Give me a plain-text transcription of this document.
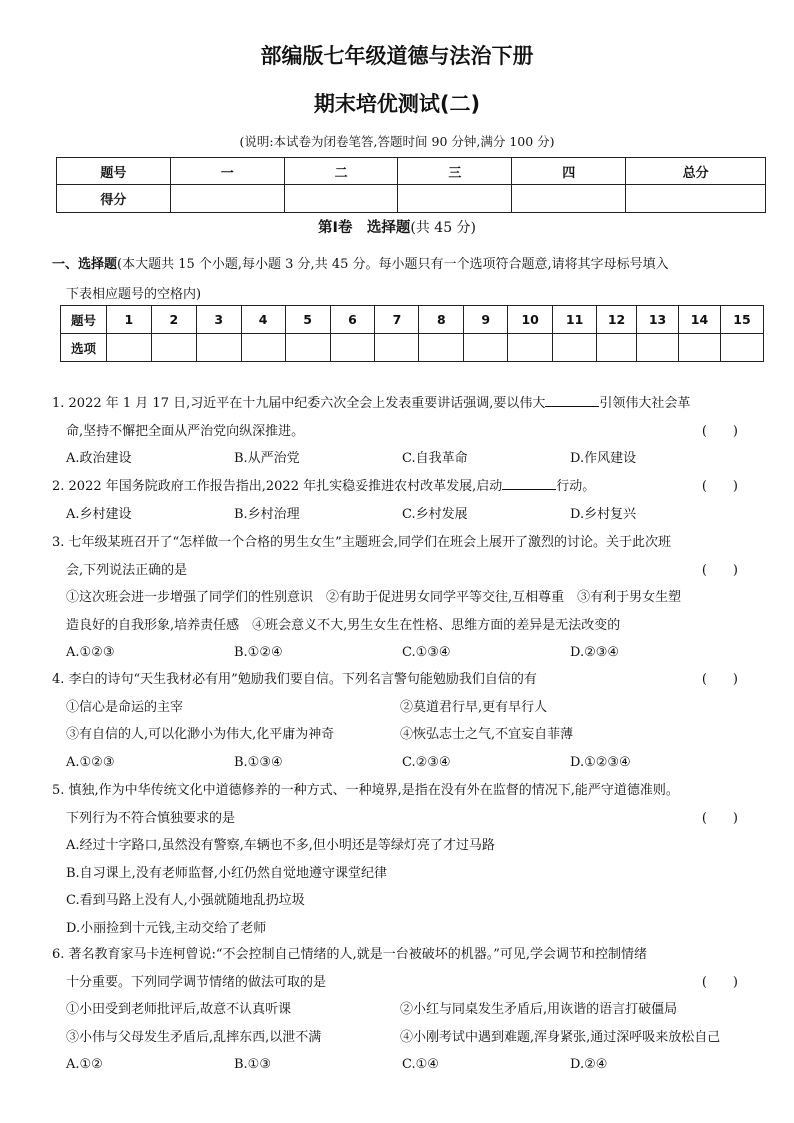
部编版七年级道德与法治下册
期末培优测试(二)
(说明:本试卷为闭卷笔答,答题时间 90 分钟,满分 100 分)
题号	一	二	三	四	总分
得分					
第Ⅰ卷　选择题(共 45 分)
一、选择题(本大题共 15 个小题,每小题 3 分,共 45 分。每小题只有一个选项符合题意,请将其字母标号填入
下表相应题号的空格内)
题号	1	2	3	4	5	6	7	8	9	10	11	12	13	14	15
选项															
1. 2022 年 1 月 17 日,习近平在十九届中纪委六次全会上发表重要讲话强调,要以伟大	引领伟大社会革
命,坚持不懈把全面从严治党向纵深推进。	(　　)
A.政治建设	B.从严治党	C.自我革命	D.作风建设
2. 2022 年国务院政府工作报告指出,2022 年扎实稳妥推进农村改革发展,启动	行动。	(　　)
A.乡村建设	B.乡村治理	C.乡村发展	D.乡村复兴
3. 七年级某班召开了“怎样做一个合格的男生女生”主题班会,同学们在班会上展开了激烈的讨论。关于此次班
会,下列说法正确的是	(　　)
①这次班会进一步增强了同学们的性别意识　②有助于促进男女同学平等交往,互相尊重　③有利于男女生塑
造良好的自我形象,培养责任感　④班会意义不大,男生女生在性格、思维方面的差异是无法改变的
A.①②③	B.①②④	C.①③④	D.②③④
4. 李白的诗句“天生我材必有用”勉励我们要自信。下列名言警句能勉励我们自信的有	(　　)
①信心是命运的主宰	②莫道君行早,更有早行人
③有自信的人,可以化渺小为伟大,化平庸为神奇	④恢弘志士之气,不宜妄自菲薄
A.①②③	B.①③④	C.②③④	D.①②③④
5. 慎独,作为中华传统文化中道德修养的一种方式、一种境界,是指在没有外在监督的情况下,能严守道德准则。
下列行为不符合慎独要求的是	(　　)
A.经过十字路口,虽然没有警察,车辆也不多,但小明还是等绿灯亮了才过马路
B.自习课上,没有老师监督,小红仍然自觉地遵守课堂纪律
C.看到马路上没有人,小强就随地乱扔垃圾
D.小丽捡到十元钱,主动交给了老师
6. 著名教育家马卡连柯曾说:“不会控制自己情绪的人,就是一台被破坏的机器。”可见,学会调节和控制情绪
十分重要。下列同学调节情绪的做法可取的是	(　　)
①小田受到老师批评后,故意不认真听课	②小红与同桌发生矛盾后,用诙谐的语言打破僵局
③小伟与父母发生矛盾后,乱摔东西,以泄不满	④小刚考试中遇到难题,浑身紧张,通过深呼吸来放松自己
A.①②	B.①③	C.①④	D.②④
